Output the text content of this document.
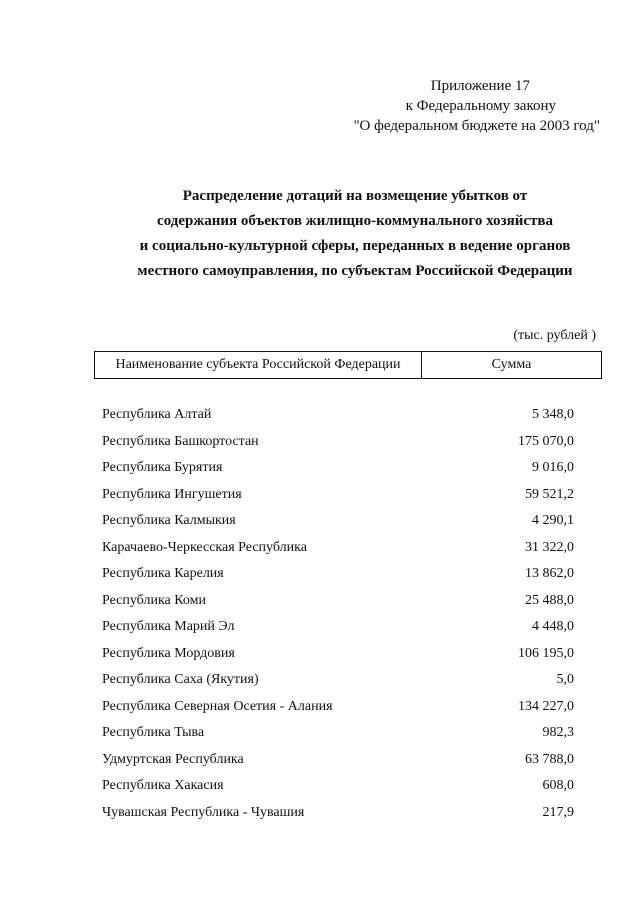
Приложение 17
к Федеральному закону
"О федеральном бюджете на 2003 год"
Распределение дотаций на возмещение убытков от
содержания объектов жилищно-коммунального хозяйства
и социально-культурной сферы, переданных в ведение органов
местного самоуправления, по субъектам Российской Федерации
(тыс. рублей )
Наименование субъекта Российской Федерации	Сумма
Республика Алтай	5 348,0
Республика Башкортостан	175 070,0
Республика Бурятия	9 016,0
Республика Ингушетия	59 521,2
Республика Калмыкия	4 290,1
Карачаево-Черкесская Республика	31 322,0
Республика Карелия	13 862,0
Республика Коми	25 488,0
Республика Марий Эл	4 448,0
Республика Мордовия	106 195,0
Республика Саха (Якутия)	5,0
Республика Северная Осетия - Алания	134 227,0
Республика Тыва	982,3
Удмуртская Республика	63 788,0
Республика Хакасия	608,0
Чувашская Республика - Чувашия	217,9
